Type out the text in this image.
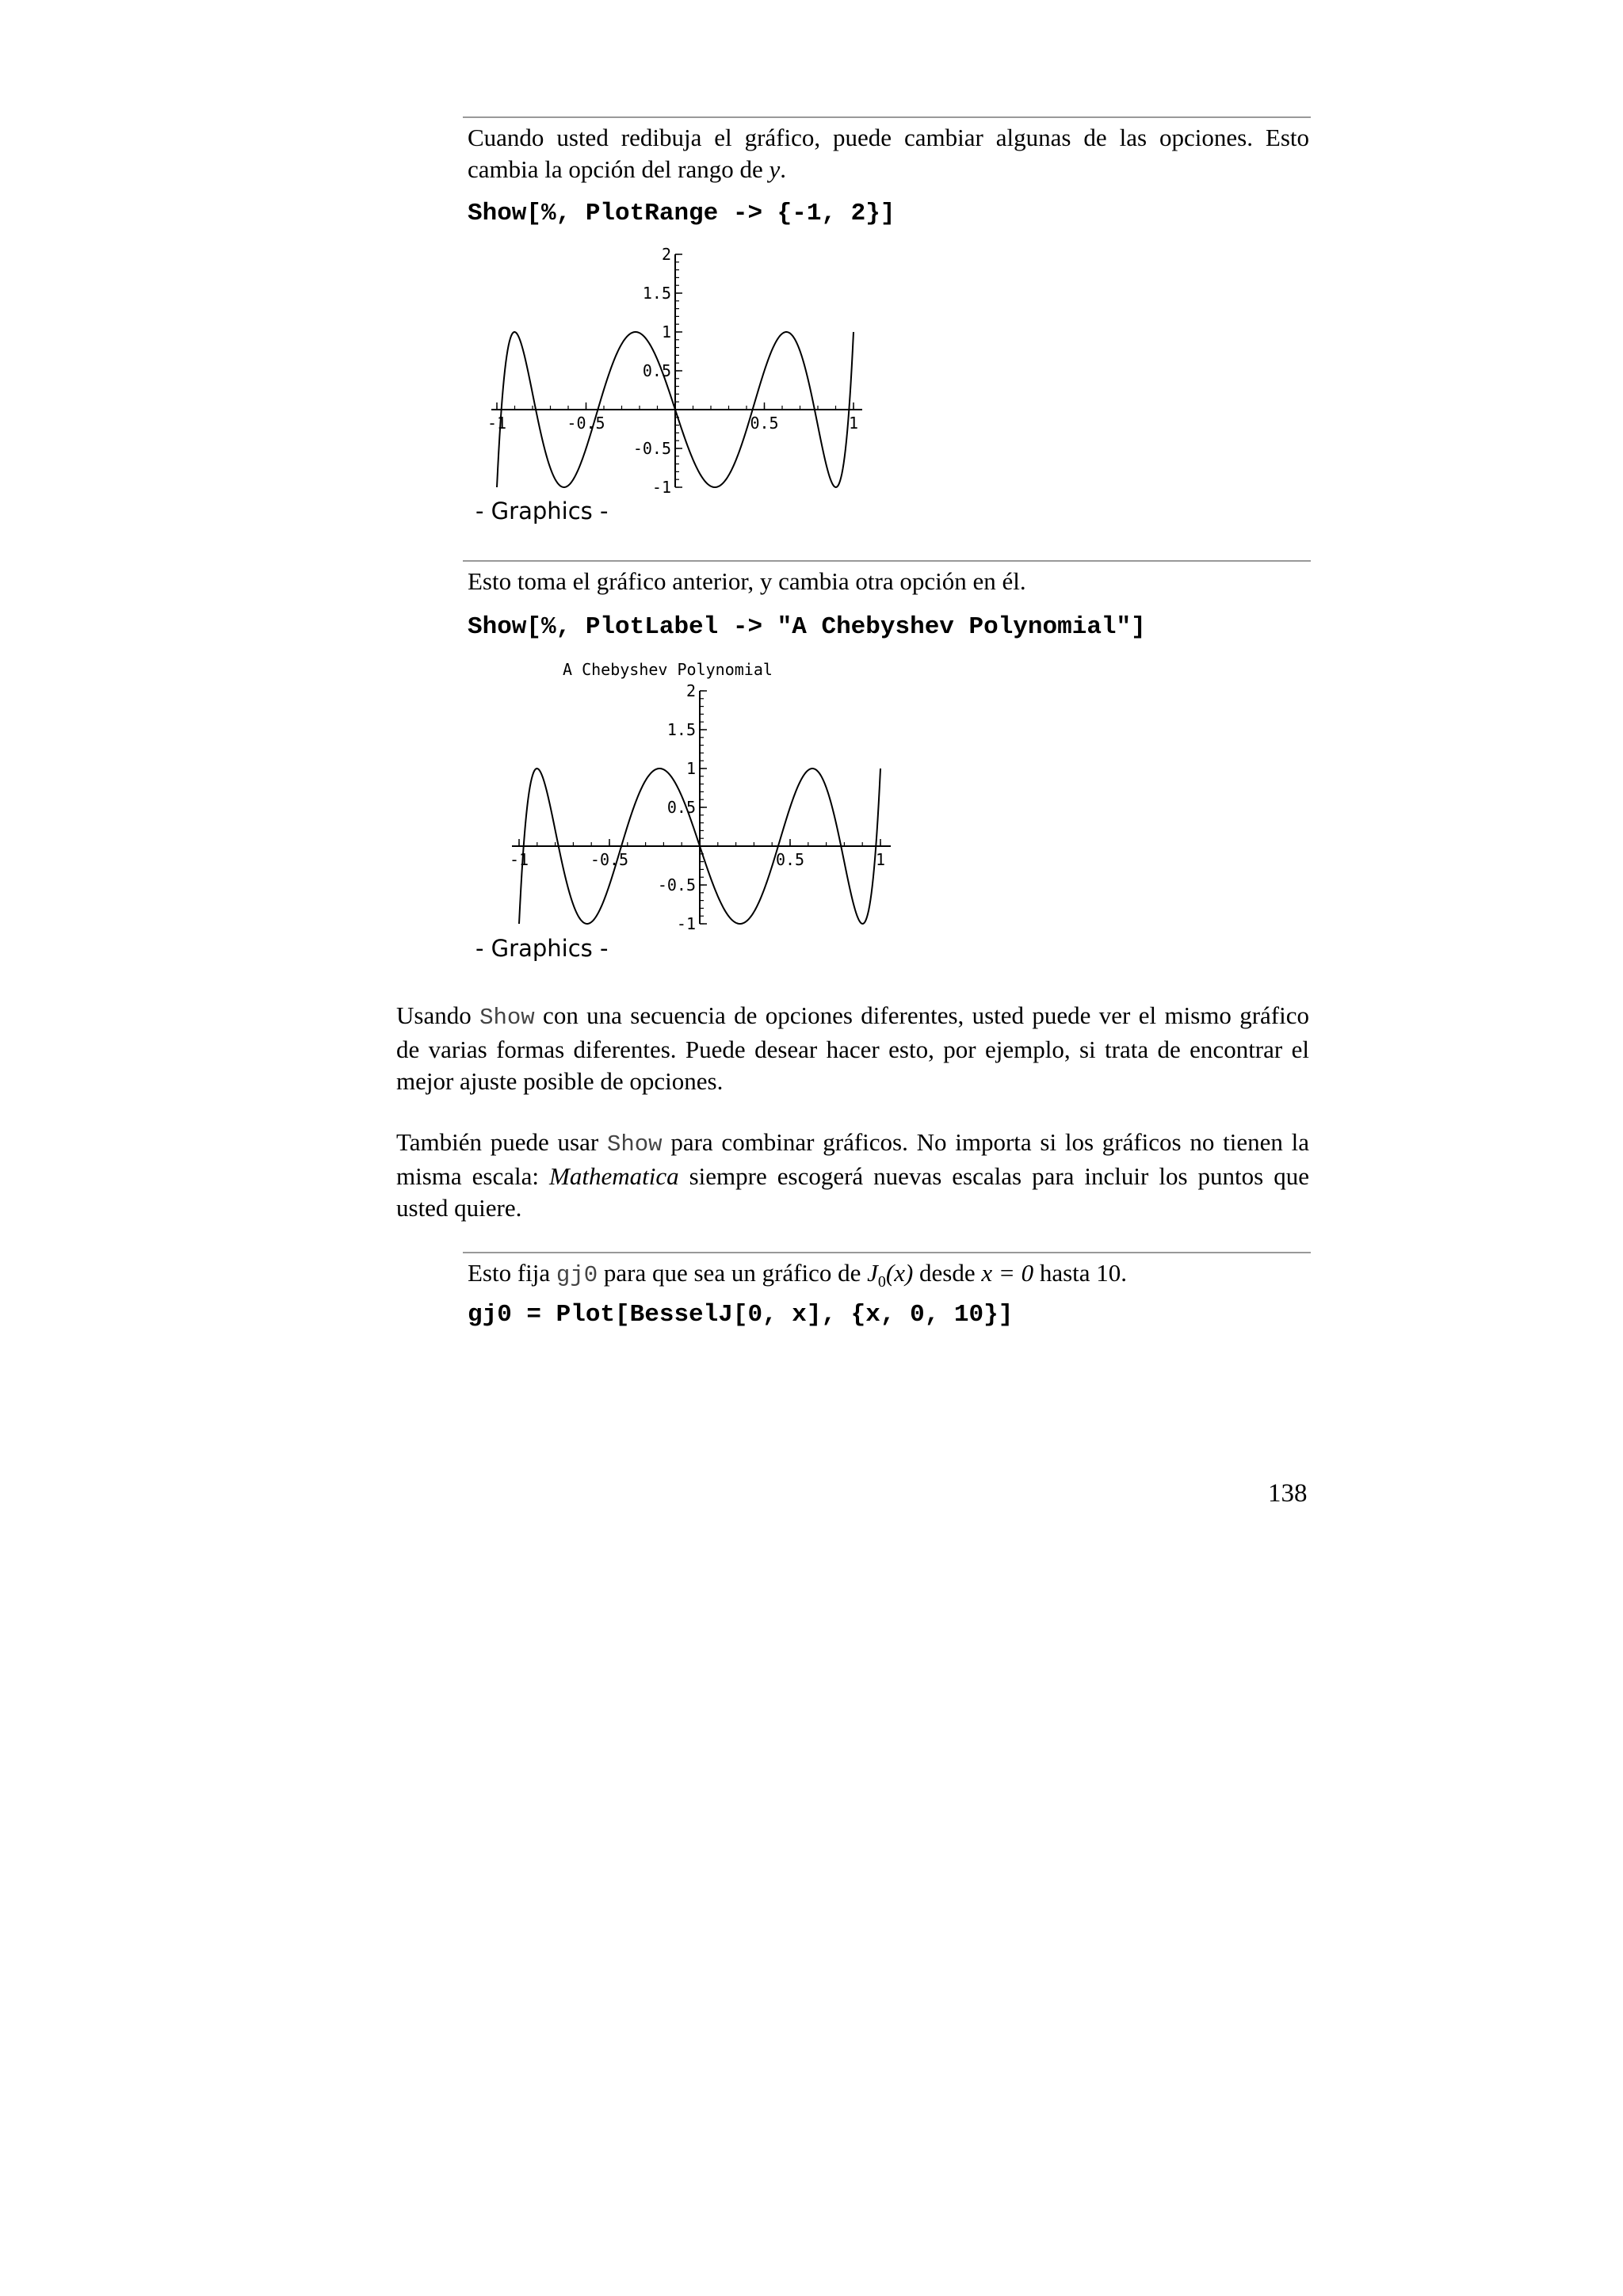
Cuando usted redibuja el gráfico, puede cambiar algunas de las opciones. Esto cambia la opción del rango de y.

Show[%, PlotRange -> {-1, 2}]
-1	-0.5	0.5	1
2
1.5
1
0.5
-0.5
-1
- Graphics -

Esto toma el gráfico anterior, y cambia otra opción en él.

Show[%, PlotLabel -> "A Chebyshev Polynomial"]
A Chebyshev Polynomial
-1	-0.5	0.5	1
2
1.5
1
0.5
-0.5
-1
- Graphics -

Usando Show con una secuencia de opciones diferentes, usted puede ver el mismo gráfico de varias formas diferentes. Puede desear hacer esto, por ejemplo, si trata de encontrar el mejor ajuste posible de opciones.

También puede usar Show para combinar gráficos. No importa si los gráficos no tienen la misma escala: Mathematica siempre escogerá nuevas escalas para incluir los puntos que usted quiere.

Esto fija gj0 para que sea un gráfico de $J_0(x)$ desde x = 0 hasta 10.

gj0 = Plot[BesselJ[0, x], {x, 0, 10}]
138
